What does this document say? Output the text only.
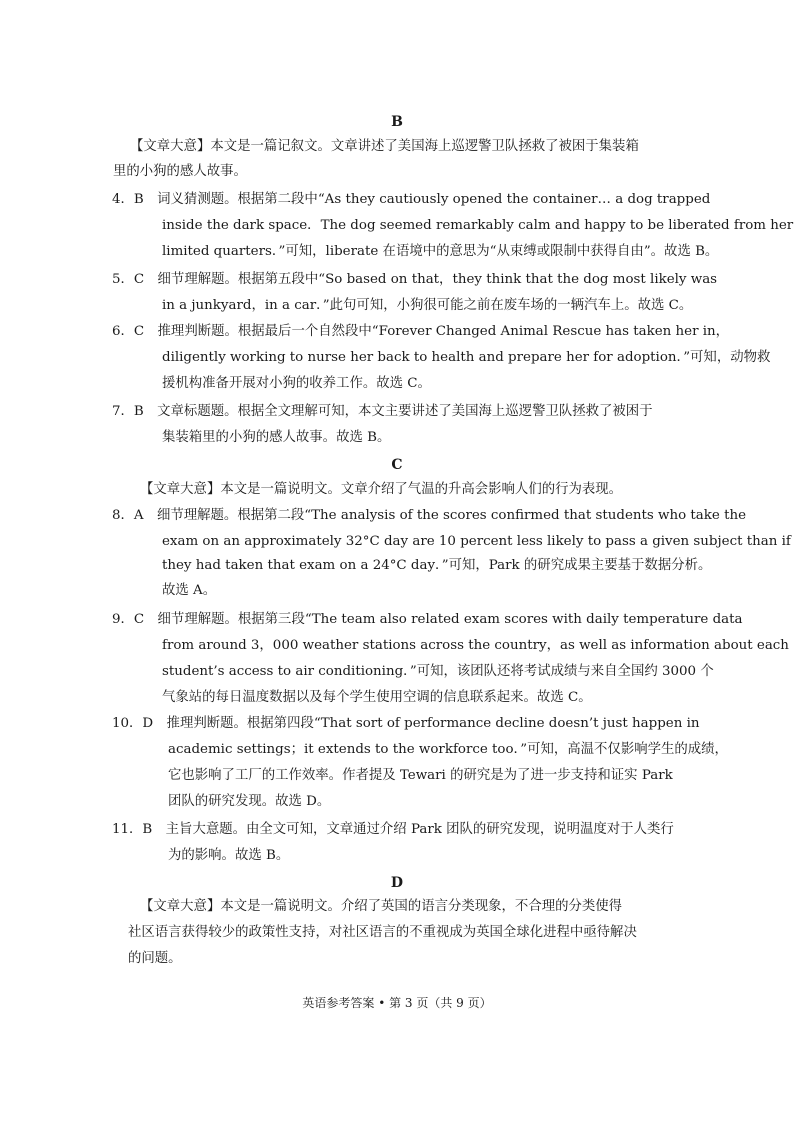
B
【文章大意】本文是一篇记叙文。文章讲述了美国海上巡逻警卫队拯救了被困于集装箱
里的小狗的感人故事。
4．B　词义猜测题。根据第二段中“As they cautiously opened the container… a dog trapped
inside the dark space．The dog seemed remarkably calm and happy to be liberated from her
limited quarters．”可知，liberate 在语境中的意思为“从束缚或限制中获得自由”。故选 B。
5．C　细节理解题。根据第五段中“So based on that，they think that the dog most likely was
in a junkyard，in a car．”此句可知，小狗很可能之前在废车场的一辆汽车上。故选 C。
6．C　推理判断题。根据最后一个自然段中“Forever Changed Animal Rescue has taken her in，
diligently working to nurse her back to health and prepare her for adoption．”可知，动物救
援机构准备开展对小狗的收养工作。故选 C。
7．B　文章标题题。根据全文理解可知，本文主要讲述了美国海上巡逻警卫队拯救了被困于
集装箱里的小狗的感人故事。故选 B。
C
【文章大意】本文是一篇说明文。文章介绍了气温的升高会影响人们的行为表现。
8．A　细节理解题。根据第二段“The analysis of the scores confirmed that students who take the
exam on an approximately 32°C day are 10 percent less likely to pass a given subject than if
they had taken that exam on a 24°C day．”可知，Park 的研究成果主要基于数据分析。
故选 A。
9．C　细节理解题。根据第三段“The team also related exam scores with daily temperature data
from around 3，000 weather stations across the country，as well as information about each
student’s access to air conditioning．”可知，该团队还将考试成绩与来自全国约 3000 个
气象站的每日温度数据以及每个学生使用空调的信息联系起来。故选 C。
10．D　推理判断题。根据第四段“That sort of performance decline doesn’t just happen in
academic settings；it extends to the workforce too．”可知，高温不仅影响学生的成绩，
它也影响了工厂的工作效率。作者提及 Tewari 的研究是为了进一步支持和证实 Park
团队的研究发现。故选 D。
11．B　主旨大意题。由全文可知，文章通过介绍 Park 团队的研究发现，说明温度对于人类行
为的影响。故选 B。
D
【文章大意】本文是一篇说明文。介绍了英国的语言分类现象，不合理的分类使得
社区语言获得较少的政策性支持，对社区语言的不重视成为英国全球化进程中亟待解决
的问题。
英语参考答案 • 第 3 页（共 9 页）
